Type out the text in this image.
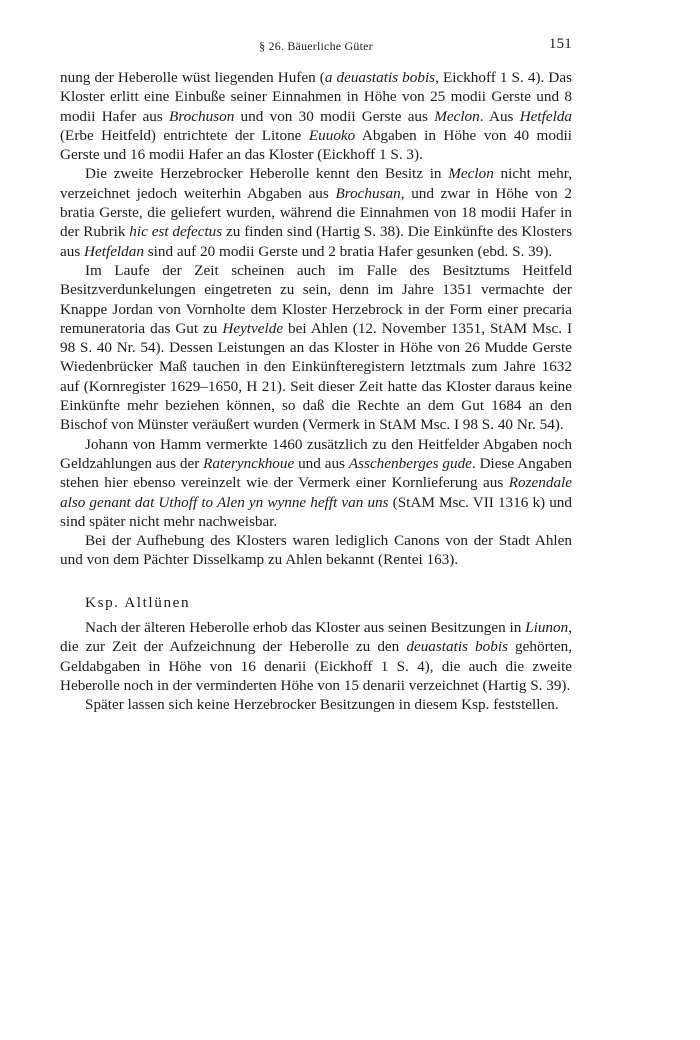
§ 26. Bäuerliche Güter	151

nung der Heberolle wüst liegenden Hufen (a deuastatis bobis, Eickhoff 1 S. 4). Das Kloster erlitt eine Einbuße seiner Einnahmen in Höhe von 25 modii Gerste und 8 modii Hafer aus Brochuson und von 30 modii Gerste aus Meclon. Aus Hetfelda (Erbe Heitfeld) entrichtete der Litone Euuoko Abgaben in Höhe von 40 modii Gerste und 16 modii Hafer an das Kloster (Eickhoff 1 S. 3).

Die zweite Herzebrocker Heberolle kennt den Besitz in Meclon nicht mehr, verzeichnet jedoch weiterhin Abgaben aus Brochusan, und zwar in Höhe von 2 bratia Gerste, die geliefert wurden, während die Einnahmen von 18 modii Hafer in der Rubrik hic est defectus zu finden sind (Hartig S. 38). Die Einkünfte des Klosters aus Hetfeldan sind auf 20 modii Gerste und 2 bratia Hafer gesunken (ebd. S. 39).

Im Laufe der Zeit scheinen auch im Falle des Besitztums Heitfeld Besitzverdunkelungen eingetreten zu sein, denn im Jahre 1351 vermachte der Knappe Jordan von Vornholte dem Kloster Herzebrock in der Form einer precaria remuneratoria das Gut zu Heytvelde bei Ahlen (12. November 1351, StAM Msc. I 98 S. 40 Nr. 54). Dessen Leistungen an das Kloster in Höhe von 26 Mudde Gerste Wiedenbrücker Maß tauchen in den Einkünfteregistern letztmals zum Jahre 1632 auf (Kornregister 1629–1650, H 21). Seit dieser Zeit hatte das Kloster daraus keine Einkünfte mehr beziehen können, so daß die Rechte an dem Gut 1684 an den Bischof von Münster veräußert wurden (Vermerk in StAM Msc. I 98 S. 40 Nr. 54).

Johann von Hamm vermerkte 1460 zusätzlich zu den Heitfelder Abgaben noch Geldzahlungen aus der Raterynckhoue und aus Asschenberges gude. Diese Angaben stehen hier ebenso vereinzelt wie der Vermerk einer Kornlieferung aus Rozendale also genant dat Uthoff to Alen yn wynne hefft van uns (StAM Msc. VII 1316 k) und sind später nicht mehr nachweisbar.

Bei der Aufhebung des Klosters waren lediglich Canons von der Stadt Ahlen und von dem Pächter Disselkamp zu Ahlen bekannt (Rentei 163).

Ksp. Altlünen

Nach der älteren Heberolle erhob das Kloster aus seinen Besitzungen in Liunon, die zur Zeit der Aufzeichnung der Heberolle zu den deuastatis bobis gehörten, Geldabgaben in Höhe von 16 denarii (Eickhoff 1 S. 4), die auch die zweite Heberolle noch in der verminderten Höhe von 15 denarii verzeichnet (Hartig S. 39).

Später lassen sich keine Herzebrocker Besitzungen in diesem Ksp. feststellen.
